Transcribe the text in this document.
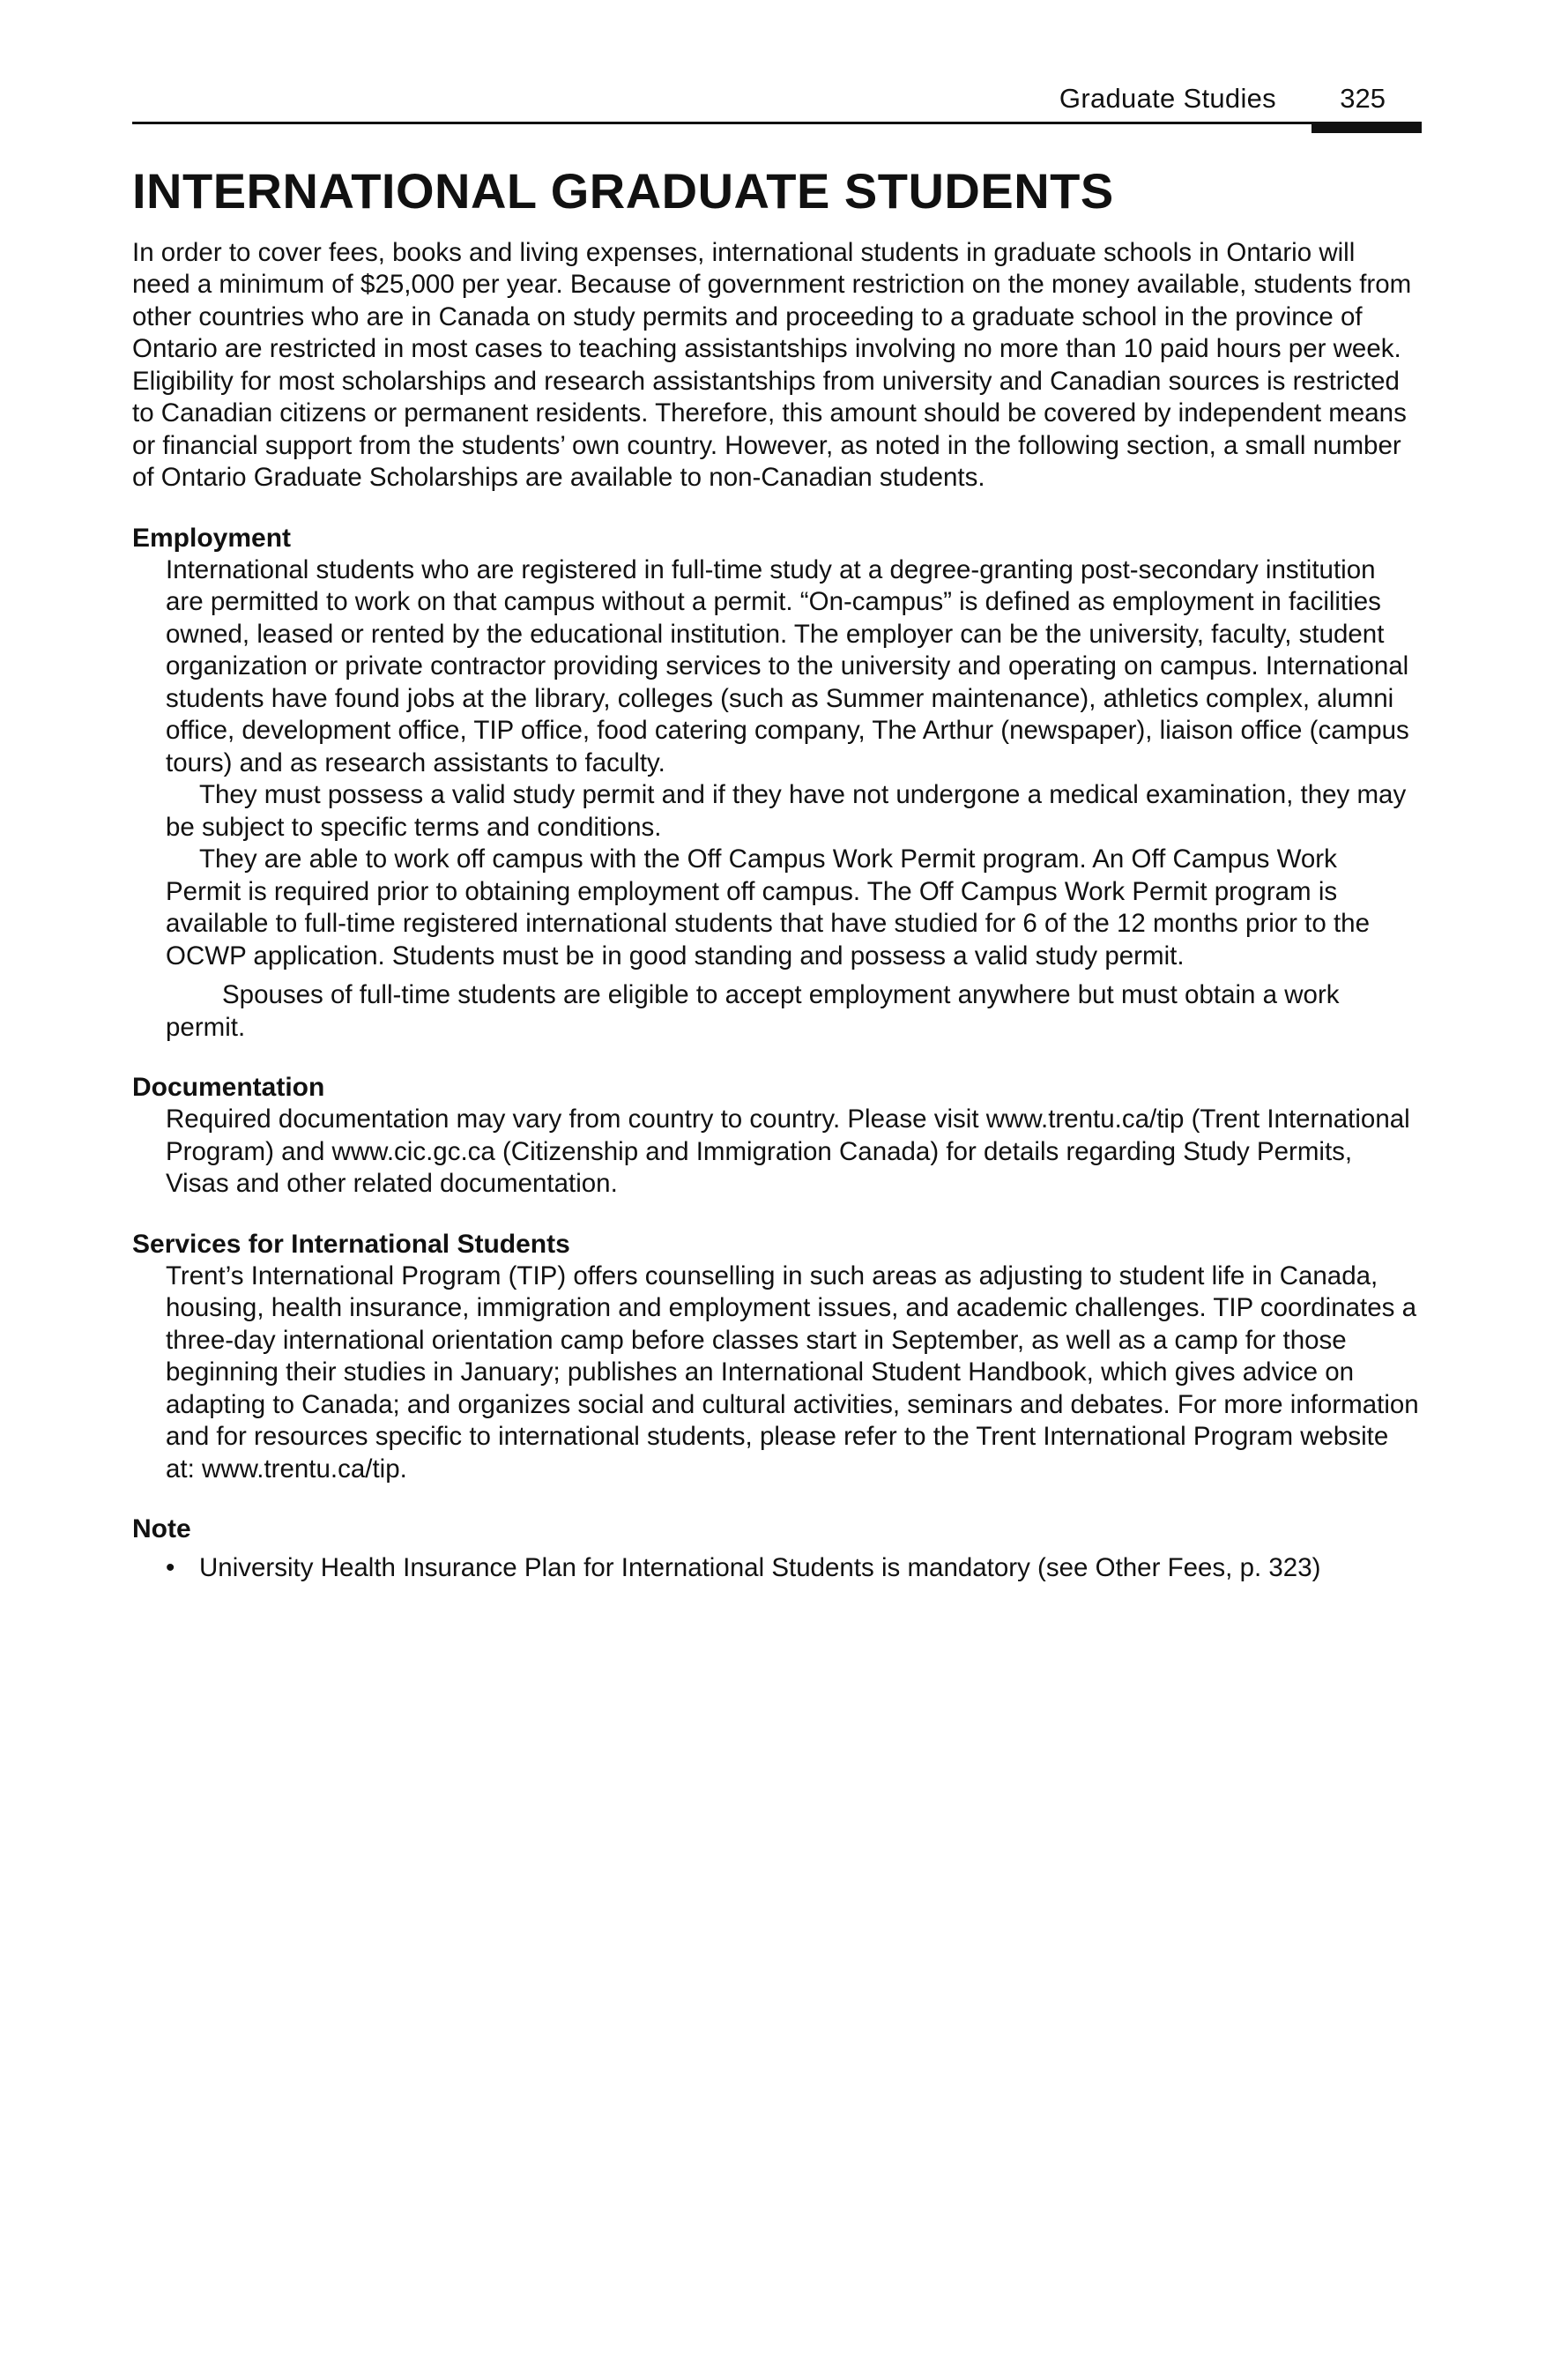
Graduate Studies 325
INTERNATIONAL GRADUATE STUDENTS

In order to cover fees, books and living expenses, international students in graduate schools in Ontario will need a minimum of $25,000 per year. Because of government restriction on the money available, students from other countries who are in Canada on study permits and proceeding to a graduate school in the province of Ontario are restricted in most cases to teaching assistantships involving no more than 10 paid hours per week. Eligibility for most scholarships and research assistantships from university and Canadian sources is restricted to Canadian citizens or permanent residents. Therefore, this amount should be covered by independent means or financial support from the students’ own country. However, as noted in the following section, a small number of Ontario Graduate Scholarships are available to non-Canadian students.

Employment

International students who are registered in full-time study at a degree-granting post-secondary institution are permitted to work on that campus without a permit. “On-campus” is defined as employment in facilities owned, leased or rented by the educational institution. The employer can be the university, faculty, student organization or private contractor providing services to the university and operating on campus. International students have found jobs at the library, colleges (such as Summer maintenance), athletics complex, alumni office, development office, TIP office, food catering company, The Arthur (newspaper), liaison office (campus tours) and as research assistants to faculty.

They must possess a valid study permit and if they have not undergone a medical examination, they may be subject to specific terms and conditions.

They are able to work off campus with the Off Campus Work Permit program. An Off Campus Work Permit is required prior to obtaining employment off campus. The Off Campus Work Permit program is available to full-time registered international students that have studied for 6 of the 12 months prior to the OCWP application. Students must be in good standing and possess a valid study permit.

Spouses of full-time students are eligible to accept employment anywhere but must obtain a work permit.

Documentation

Required documentation may vary from country to country. Please visit www.trentu.ca/tip (Trent International Program) and www.cic.gc.ca (Citizenship and Immigration Canada) for details regarding Study Permits, Visas and other related documentation.

Services for International Students

Trent’s International Program (TIP) offers counselling in such areas as adjusting to student life in Canada, housing, health insurance, immigration and employment issues, and academic challenges. TIP coordinates a three-day international orientation camp before classes start in September, as well as a camp for those beginning their studies in January; publishes an International Student Handbook, which gives advice on adapting to Canada; and organizes social and cultural activities, seminars and debates. For more information and for resources specific to international students, please refer to the Trent International Program website at: www.trentu.ca/tip.

Note
• University Health Insurance Plan for International Students is mandatory (see Other Fees, p. 323)
